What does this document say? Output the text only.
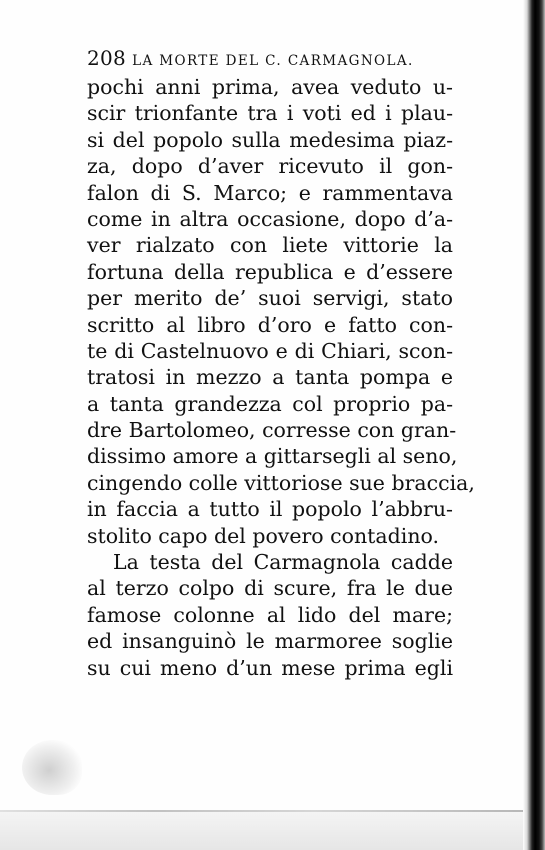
208 LA MORTE DEL C. CARMAGNOLA.
pochi anni prima, avea veduto u-
scir trionfante tra i voti ed i plau-
si del popolo sulla medesima piaz-
za, dopo d’aver ricevuto il gon-
falon di S. Marco; e rammentava
come in altra occasione, dopo d’a-
ver rialzato con liete vittorie la
fortuna della republica e d’essere
per merito de’ suoi servigi, stato
scritto al libro d’oro e fatto con-
te di Castelnuovo e di Chiari, scon-
tratosi in mezzo a tanta pompa e
a tanta grandezza col proprio pa-
dre Bartolomeo, corresse con gran-
dissimo amore a gittarsegli al seno,
cingendo colle vittoriose sue braccia,
in faccia a tutto il popolo l’abbru-
stolito capo del povero contadino.
La testa del Carmagnola cadde
al terzo colpo di scure, fra le due
famose colonne al lido del mare;
ed insanguinò le marmoree soglie
su cui meno d’un mese prima egli
